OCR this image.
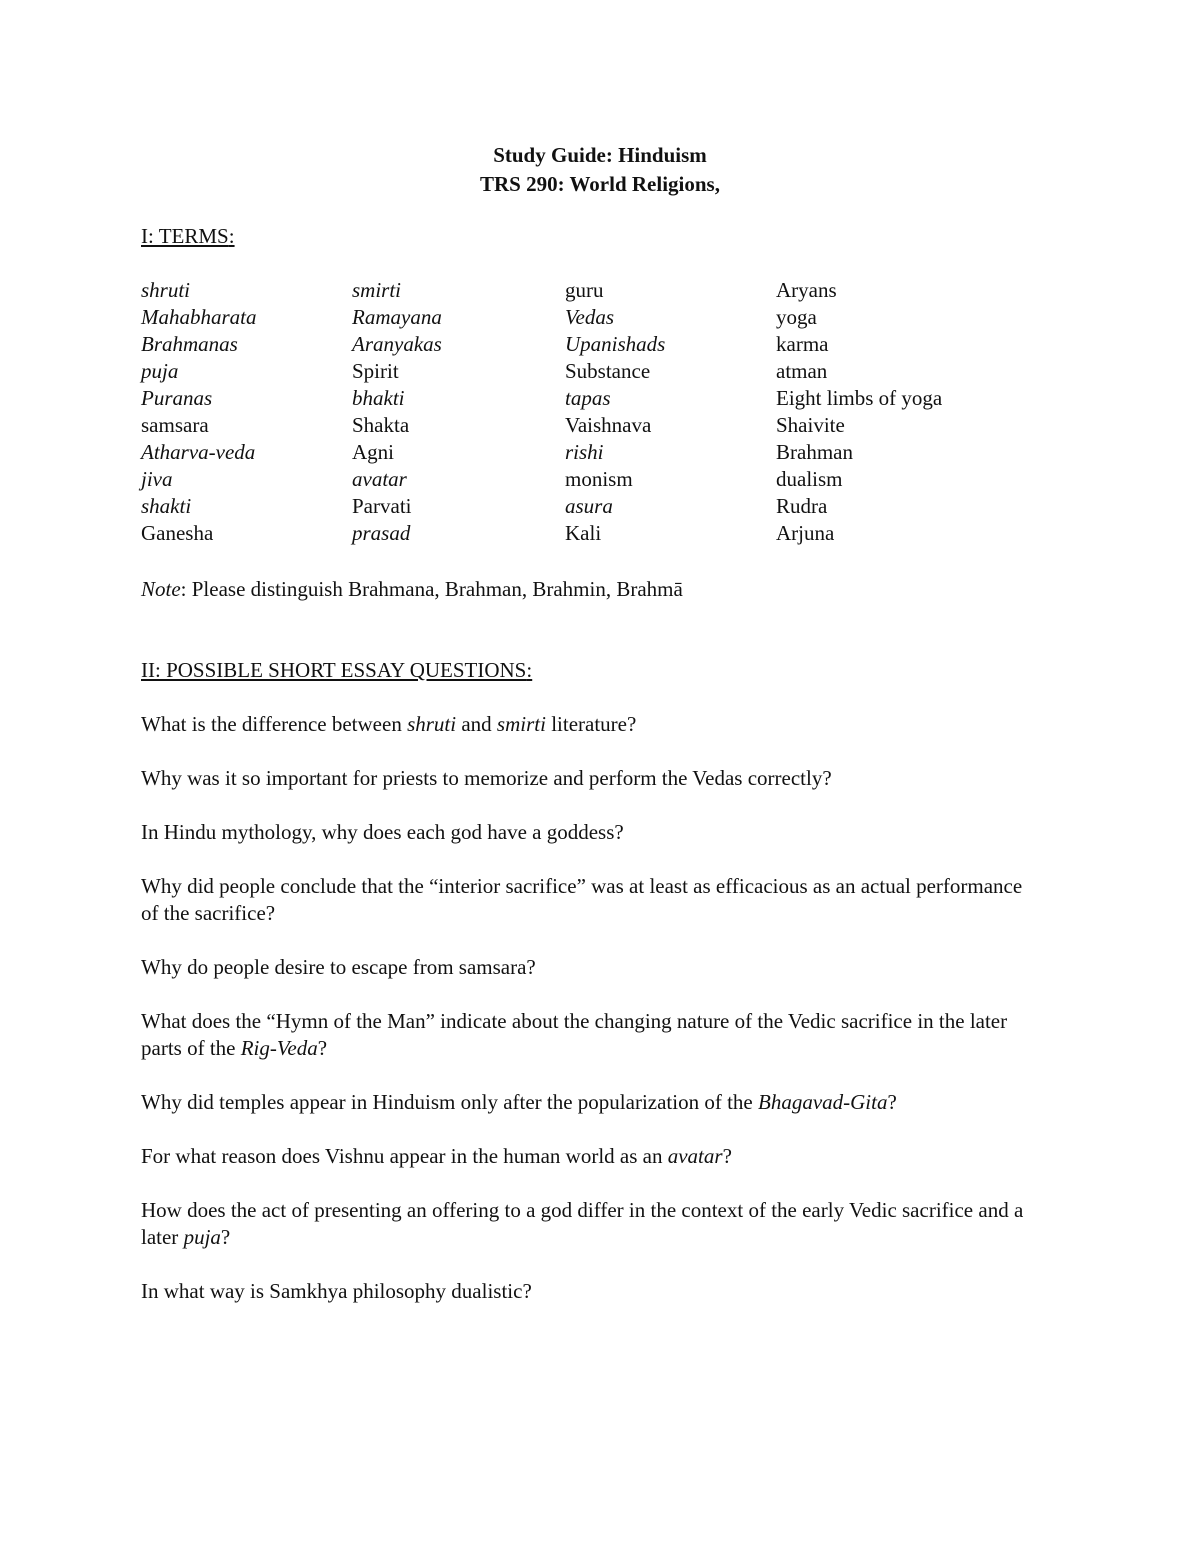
Study Guide: Hinduism
TRS 290: World Religions,
I: TERMS:
shruti	smirti	guru	Aryans
Mahabharata	Ramayana	Vedas	yoga
Brahmanas	Aranyakas	Upanishads	karma
puja	Spirit	Substance	atman
Puranas	bhakti	tapas	Eight limbs of yoga
samsara	Shakta	Vaishnava	Shaivite
Atharva-veda	Agni	rishi	Brahman
jiva	avatar	monism	dualism
shakti	Parvati	asura	Rudra
Ganesha	prasad	Kali	Arjuna
Note: Please distinguish Brahmana, Brahman, Brahmin, Brahmā
II: POSSIBLE SHORT ESSAY QUESTIONS:
What is the difference between shruti and smirti literature?
Why was it so important for priests to memorize and perform the Vedas correctly?
In Hindu mythology, why does each god have a goddess?
Why did people conclude that the “interior sacrifice” was at least as efficacious as an actual performance of the sacrifice?
Why do people desire to escape from samsara?
What does the “Hymn of the Man” indicate about the changing nature of the Vedic sacrifice in the later parts of the Rig-Veda?
Why did temples appear in Hinduism only after the popularization of the Bhagavad-Gita?
For what reason does Vishnu appear in the human world as an avatar?
How does the act of presenting an offering to a god differ in the context of the early Vedic sacrifice and a later puja?
In what way is Samkhya philosophy dualistic?
